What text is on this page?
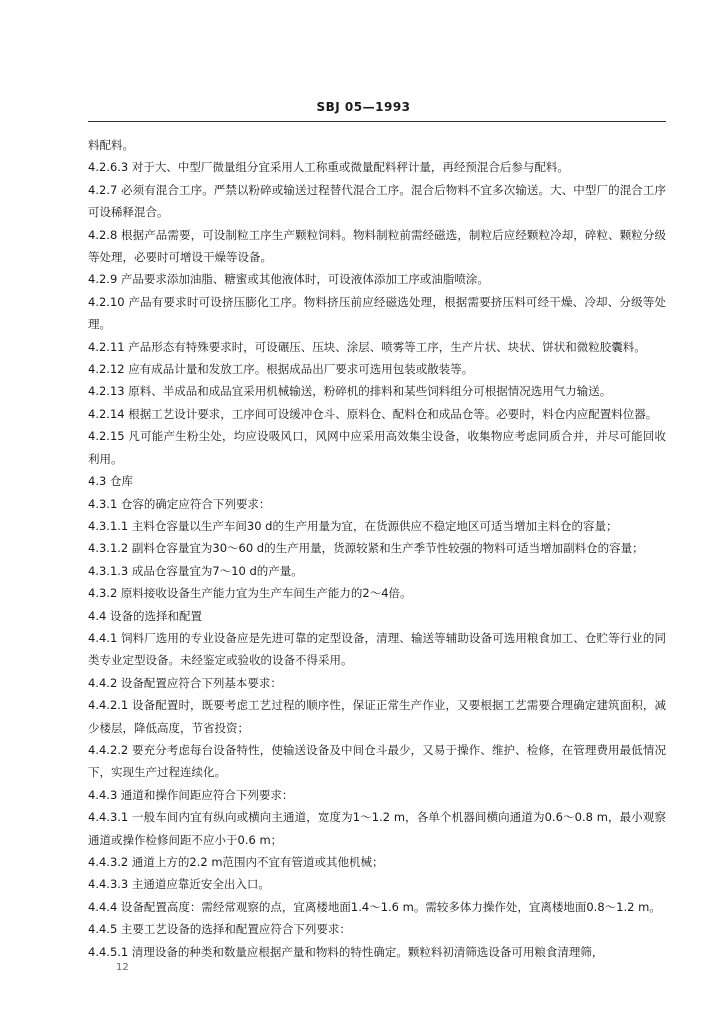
SBJ 05—1993

料配料。

4.2.6.3 对于大、中型厂微量组分宜采用人工称重或微量配料秤计量，再经预混合后参与配料。

4.2.7 必须有混合工序。严禁以粉碎或输送过程替代混合工序。混合后物料不宜多次输送。大、中型厂的混合工序可设稀释混合。

4.2.8 根据产品需要，可设制粒工序生产颗粒饲料。物料制粒前需经磁选，制粒后应经颗粒冷却，碎粒、颗粒分级等处理，必要时可增设干燥等设备。

4.2.9 产品要求添加油脂、糖蜜或其他液体时，可设液体添加工序或油脂喷涂。

4.2.10 产品有要求时可设挤压膨化工序。物料挤压前应经磁选处理，根据需要挤压料可经干燥、冷却、分级等处理。

4.2.11 产品形态有特殊要求时，可设碾压、压块、涂层、喷雾等工序，生产片状、块状、饼状和微粒胶囊料。

4.2.12 应有成品计量和发放工序。根据成品出厂要求可选用包装或散装等。

4.2.13 原料、半成品和成品宜采用机械输送，粉碎机的排料和某些饲料组分可根据情况选用气力输送。

4.2.14 根据工艺设计要求，工序间可设缓冲仓斗、原料仓、配料仓和成品仓等。必要时，料仓内应配置料位器。

4.2.15 凡可能产生粉尘处，均应设吸风口，风网中应采用高效集尘设备，收集物应考虑同质合并，并尽可能回收利用。

4.3 仓库

4.3.1 仓容的确定应符合下列要求：

4.3.1.1 主料仓容量以生产车间30 d的生产用量为宜，在货源供应不稳定地区可适当增加主料仓的容量；

4.3.1.2 副料仓容量宜为30～60 d的生产用量，货源较紧和生产季节性较强的物料可适当增加副料仓的容量；

4.3.1.3 成品仓容量宜为7～10 d的产量。

4.3.2 原料接收设备生产能力宜为生产车间生产能力的2～4倍。

4.4 设备的选择和配置

4.4.1 饲料厂选用的专业设备应是先进可靠的定型设备，清理、输送等辅助设备可选用粮食加工、仓贮等行业的同类专业定型设备。未经鉴定或验收的设备不得采用。

4.4.2 设备配置应符合下列基本要求：

4.4.2.1 设备配置时，既要考虑工艺过程的顺序性，保证正常生产作业，又要根据工艺需要合理确定建筑面积，减少楼层，降低高度，节省投资；

4.4.2.2 要充分考虑每台设备特性，使输送设备及中间仓斗最少，又易于操作、维护、检修，在管理费用最低情况下，实现生产过程连续化。

4.4.3 通道和操作间距应符合下列要求：

4.4.3.1 一般车间内宜有纵向或横向主通道，宽度为1～1.2 m，各单个机器间横向通道为0.6～0.8 m，最小观察通道或操作检修间距不应小于0.6 m；

4.4.3.2 通道上方的2.2 m范围内不宜有管道或其他机械；

4.4.3.3 主通道应靠近安全出入口。

4.4.4 设备配置高度：需经常观察的点，宜离楼地面1.4～1.6 m。需较多体力操作处，宜离楼地面0.8～1.2 m。

4.4.5 主要工艺设备的选择和配置应符合下列要求：

4.4.5.1 清理设备的种类和数量应根据产量和物料的特性确定。颗粒料初清筛选设备可用粮食清理筛，

12
